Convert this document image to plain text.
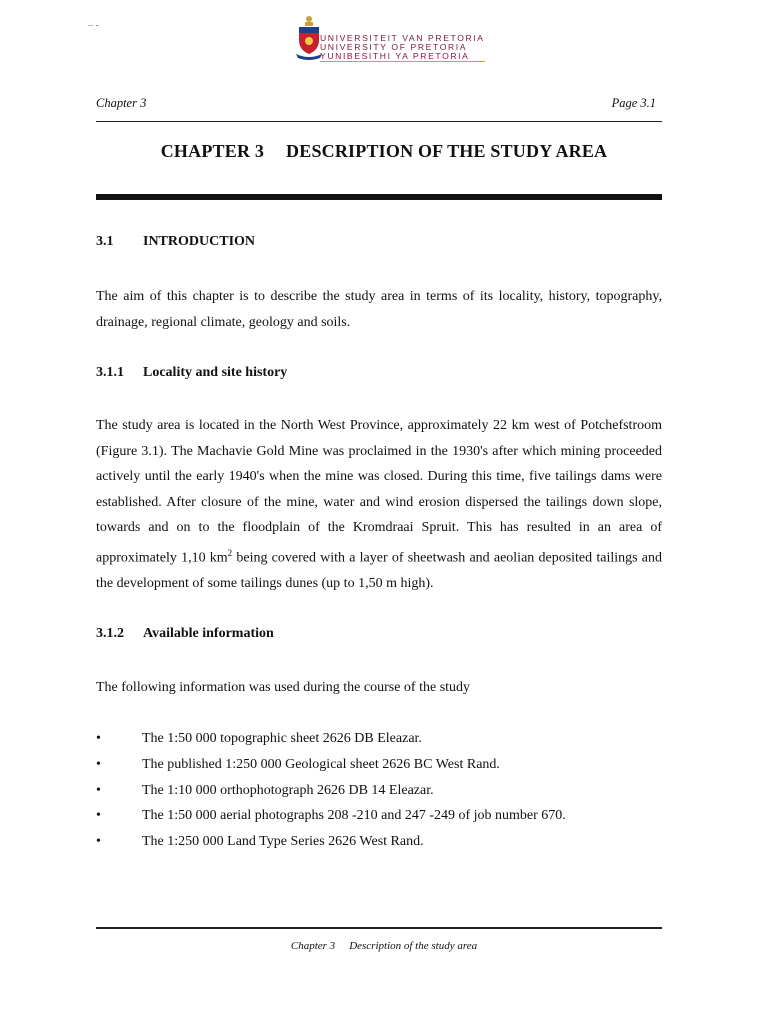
‒ ‐
UNIVERSITEIT VAN PRETORIA
UNIVERSITY OF PRETORIA
YUNIBESITHI YA PRETORIA
Chapter 3	Page 3.1
CHAPTER 3 DESCRIPTION OF THE STUDY AREA
3.1 INTRODUCTION
The aim of this chapter is to describe the study area in terms of its locality, history, topography, drainage, regional climate, geology and soils.
3.1.1 Locality and site history
The study area is located in the North West Province, approximately 22 km west of Potchefstroom (Figure 3.1). The Machavie Gold Mine was proclaimed in the 1930's after which mining proceeded actively until the early 1940's when the mine was closed. During this time, five tailings dams were established. After closure of the mine, water and wind erosion dispersed the tailings down slope, towards and on to the floodplain of the Kromdraai Spruit. This has resulted in an area of approximately 1,10 $km^2$ being covered with a layer of sheetwash and aeolian deposited tailings and the development of some tailings dunes (up to 1,50 m high).
3.1.2 Available information
The following information was used during the course of the study
•	The 1:50 000 topographic sheet 2626 DB Eleazar.
•	The published 1:250 000 Geological sheet 2626 BC West Rand.
•	The 1:10 000 orthophotograph 2626 DB 14 Eleazar.
•	The 1:50 000 aerial photographs 208 -210 and 247 -249 of job number 670.
•	The 1:250 000 Land Type Series 2626 West Rand.
Chapter 3 Description of the study area
